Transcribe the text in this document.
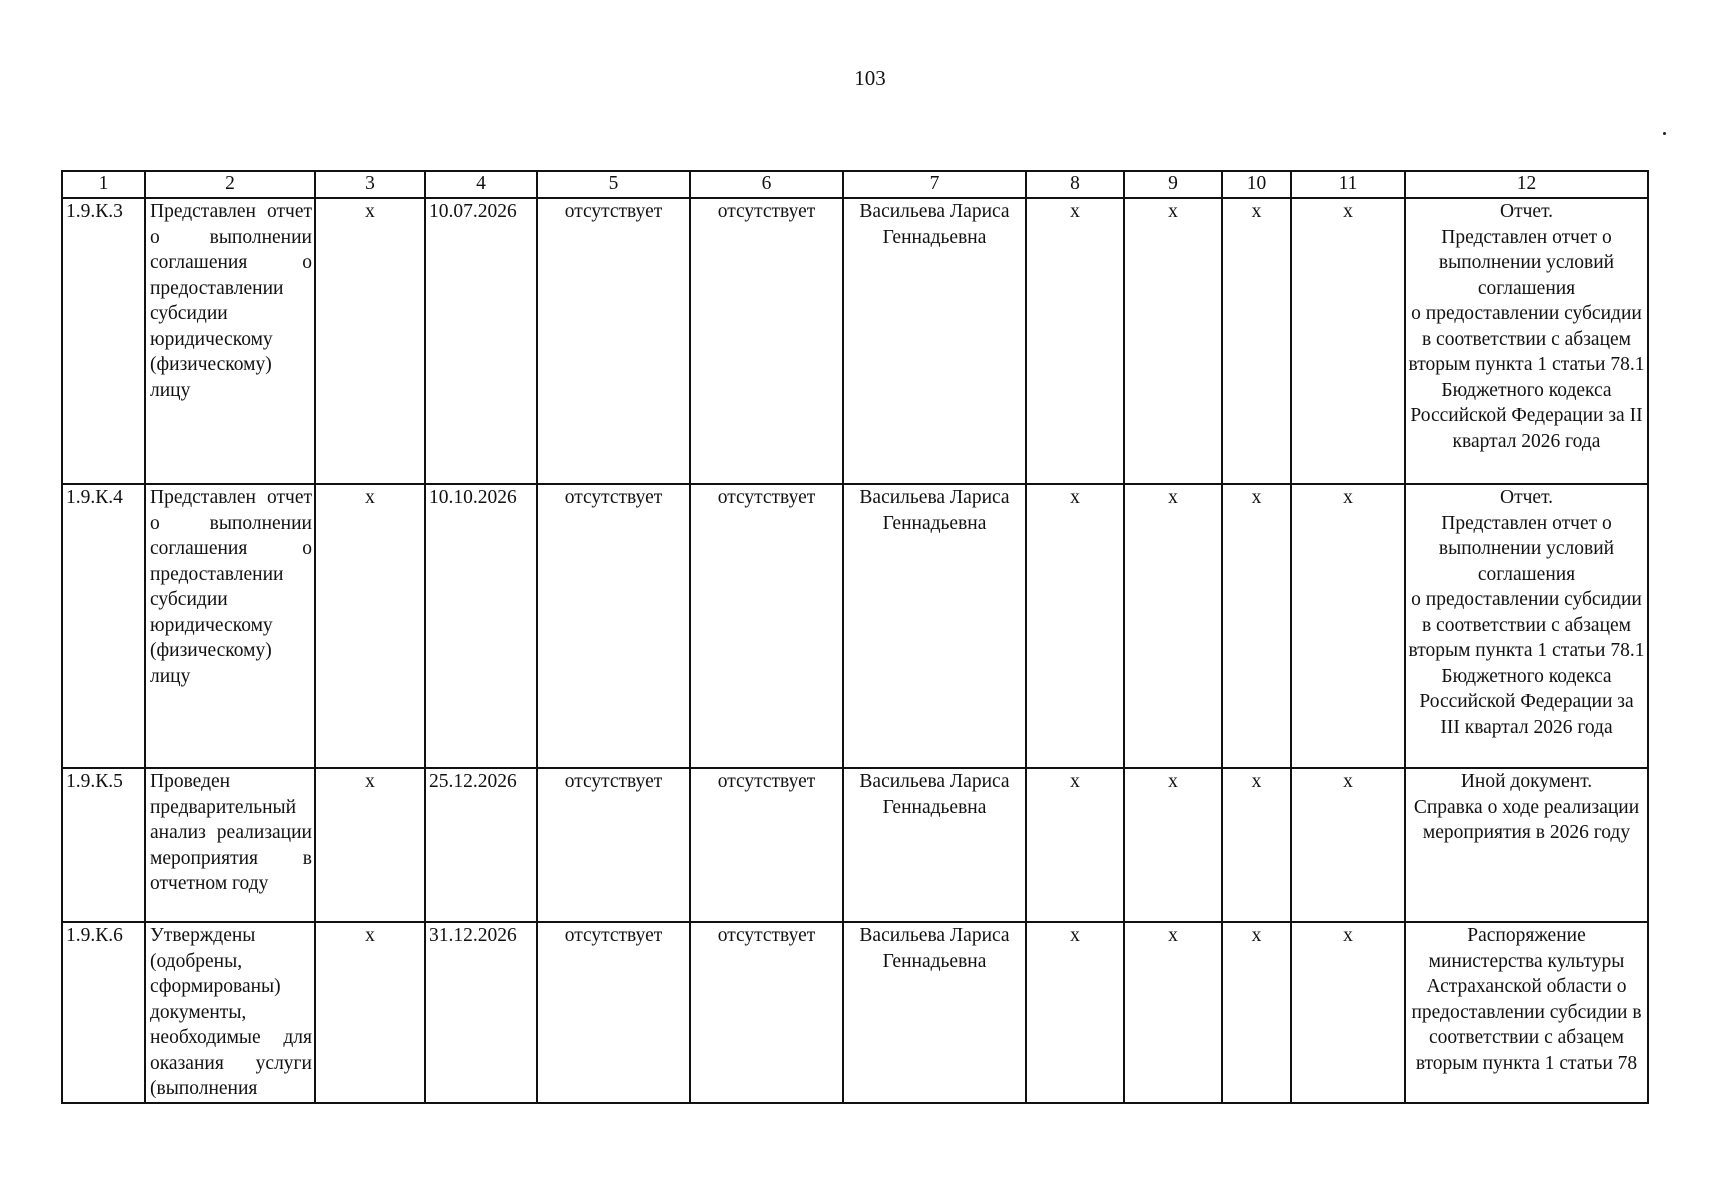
103
1	2	3	4	5	6	7	8	9	10	11	12
1.9.К.3	Представлен отчет о выполнении соглашения о предоставлении субсидии юридическому (физическому) лицу	x	10.07.2026	отсутствует	отсутствует	Васильева Лариса Геннадьевна	x	x	x	x	Отчет.
Представлен отчет о выполнении условий соглашения
о предоставлении субсидии в соответствии с абзацем вторым пункта 1 статьи 78.1 Бюджетного кодекса Российской Федерации за II квартал 2026 года

1.9.К.4	Представлен отчет о выполнении соглашения о предоставлении субсидии юридическому (физическому) лицу	x	10.10.2026	отсутствует	отсутствует	Васильева Лариса Геннадьевна	x	x	x	x	Отчет.
Представлен отчет о выполнении условий соглашения
о предоставлении субсидии в соответствии с абзацем вторым пункта 1 статьи 78.1 Бюджетного кодекса Российской Федерации за III квартал 2026 года

1.9.К.5	Проведен предварительный анализ реализации мероприятия в отчетном году	x	25.12.2026	отсутствует	отсутствует	Васильева Лариса Геннадьевна	x	x	x	x	Иной документ.
Справка о ходе реализации мероприятия в 2026 году

1.9.К.6	Утверждены (одобрены, сформированы) документы, необходимые для оказания услуги (выполнения	x	31.12.2026	отсутствует	отсутствует	Васильева Лариса Геннадьевна	x	x	x	x	Распоряжение министерства культуры Астраханской области о предоставлении субсидии в соответствии с абзацем вторым пункта 1 статьи 78
